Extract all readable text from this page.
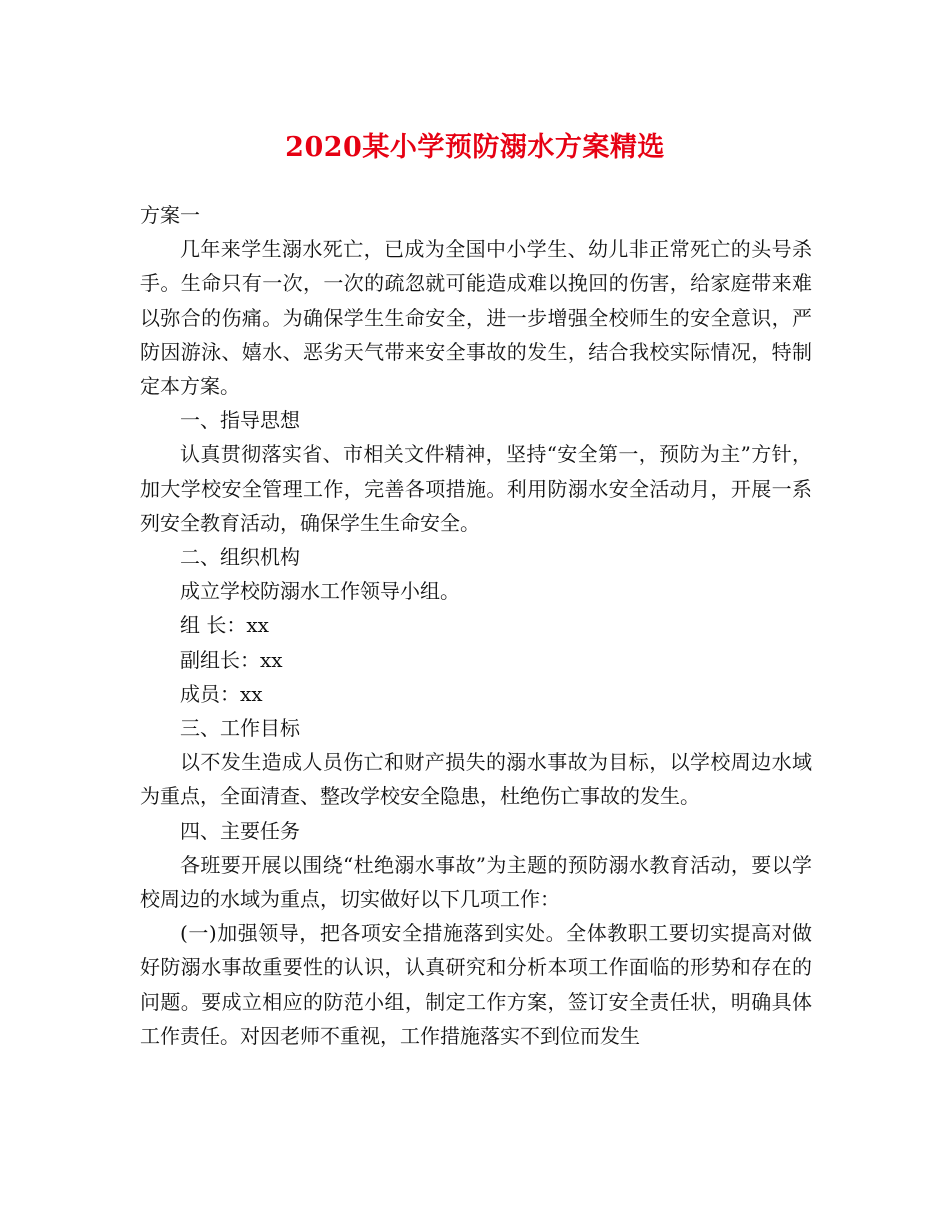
2020某小学预防溺水方案精选

方案一

几年来学生溺水死亡，已成为全国中小学生、幼儿非正常死亡的头号杀手。生命只有一次，一次的疏忽就可能造成难以挽回的伤害，给家庭带来难以弥合的伤痛。为确保学生生命安全，进一步增强全校师生的安全意识，严防因游泳、嬉水、恶劣天气带来安全事故的发生，结合我校实际情况，特制定本方案。

一、指导思想

认真贯彻落实省、市相关文件精神，坚持“安全第一，预防为主”方针，加大学校安全管理工作，完善各项措施。利用防溺水安全活动月，开展一系列安全教育活动，确保学生生命安全。

二、组织机构

成立学校防溺水工作领导小组。

组 长：xx

副组长：xx

成员：xx

三、工作目标

以不发生造成人员伤亡和财产损失的溺水事故为目标，以学校周边水域为重点，全面清查、整改学校安全隐患，杜绝伤亡事故的发生。

四、主要任务

各班要开展以围绕“杜绝溺水事故”为主题的预防溺水教育活动，要以学校周边的水域为重点，切实做好以下几项工作：

(一)加强领导，把各项安全措施落到实处。全体教职工要切实提高对做好防溺水事故重要性的认识，认真研究和分析本项工作面临的形势和存在的问题。要成立相应的防范小组，制定工作方案，签订安全责任状，明确具体工作责任。对因老师不重视，工作措施落实不到位而发生
